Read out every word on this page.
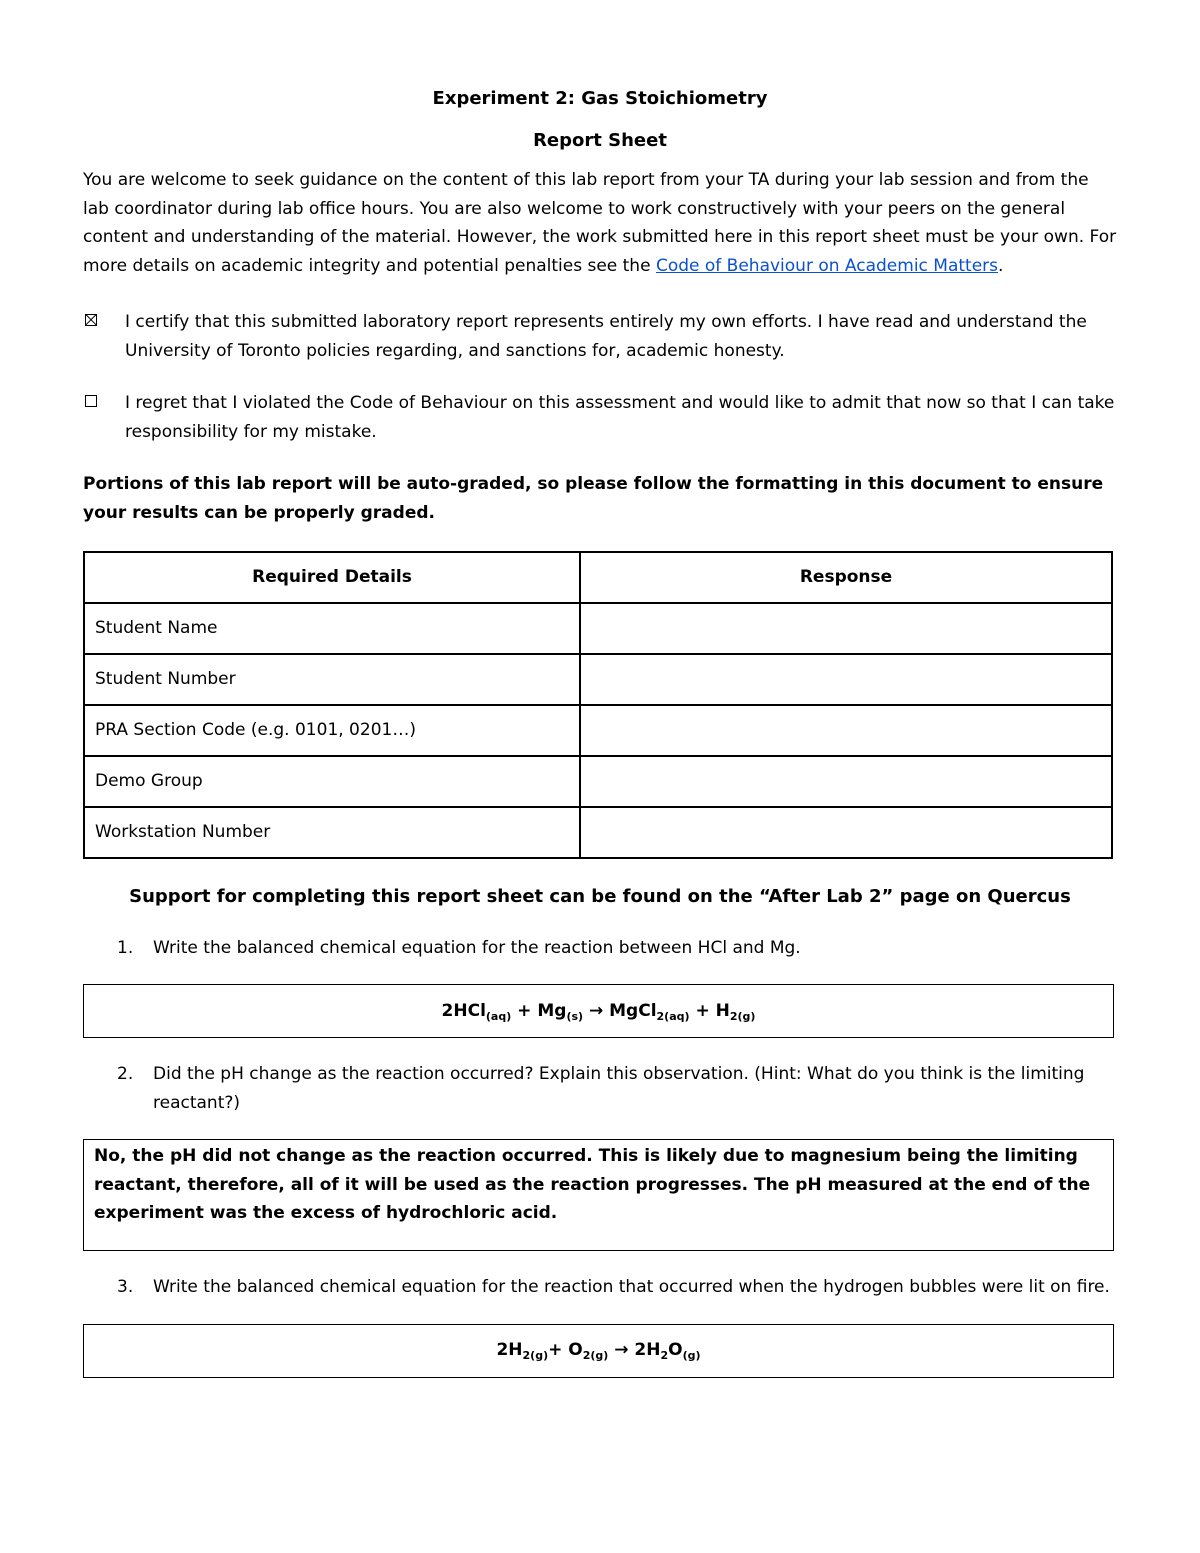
Experiment 2: Gas Stoichiometry

Report Sheet

You are welcome to seek guidance on the content of this lab report from your TA during your lab session and from the lab coordinator during lab office hours. You are also welcome to work constructively with your peers on the general content and understanding of the material. However, the work submitted here in this report sheet must be your own. For more details on academic integrity and potential penalties see the Code of Behaviour on Academic Matters.

I certify that this submitted laboratory report represents entirely my own efforts. I have read and understand the University of Toronto policies regarding, and sanctions for, academic honesty.
I regret that I violated the Code of Behaviour on this assessment and would like to admit that now so that I can take responsibility for my mistake.

Portions of this lab report will be auto-graded, so please follow the formatting in this document to ensure your results can be properly graded.

Required Details	Response
Student Name	
Student Number	
PRA Section Code (e.g. 0101, 0201…)	
Demo Group	
Workstation Number	

Support for completing this report sheet can be found on the “After Lab 2” page on Quercus

1. Write the balanced chemical equation for the reaction between HCl and Mg.
$2HCl_{(aq)} + Mg_{(s)}$ → MgCl$_{2(aq)}$ + $H_{2(g)}$
2. Did the pH change as the reaction occurred? Explain this observation. (Hint: What do you think is the limiting reactant?)
No, the pH did not change as the reaction occurred. This is likely due to magnesium being the limiting reactant, therefore, all of it will be used as the reaction progresses. The pH measured at the end of the experiment was the excess of hydrochloric acid.
3. Write the balanced chemical equation for the reaction that occurred when the hydrogen bubbles were lit on fire.
$2H_{2(g)}+ O_{2(g)} \to 2H_2O_{(g)}$
